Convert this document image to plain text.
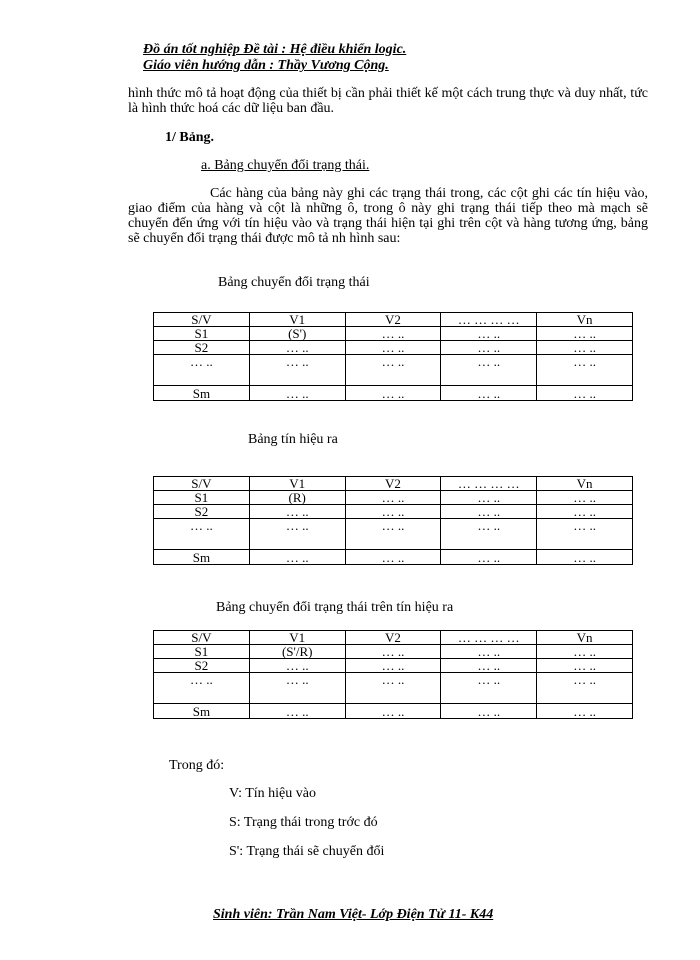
Đồ án tốt nghiệp Đề tài : Hệ điều khiển logic.
Giáo viên hướng dẫn : Thầy Vương Cộng.
hình thức mô tả hoạt động của thiết bị cần phải thiết kế một cách trung thực và duy nhất, tức là hình thức hoá các dữ liệu ban đầu.
1/ Bảng.
a. Bảng chuyển đổi trạng thái.
Các hàng của bảng này ghi các trạng thái trong, các cột ghi các tín hiệu vào, giao điểm của hàng và cột là những ô, trong ô này ghi trạng thái tiếp theo mà mạch sẽ chuyển đến ứng với tín hiệu vào và trạng thái hiện tại ghi trên cột và hàng tương ứng, bảng sẽ chuyển đổi trạng thái được mô tả nh hình sau:
Bảng chuyển đổi trạng thái
S/V	V1	V2	… … … …	Vn
S1	(S')	… ..	… ..	… ..
S2	… ..	… ..	… ..	… ..
… ..	… ..	… ..	… ..	… ..
Sm	… ..	… ..	… ..	… ..
Bảng tín hiệu ra
S/V	V1	V2	… … … …	Vn
S1	(R)	… ..	… ..	… ..
S2	… ..	… ..	… ..	… ..
… ..	… ..	… ..	… ..	… ..
Sm	… ..	… ..	… ..	… ..
Bảng chuyển đổi trạng thái trên tín hiệu ra
S/V	V1	V2	… … … …	Vn
S1	(S'/R)	… ..	… ..	… ..
S2	… ..	… ..	… ..	… ..
… ..	… ..	… ..	… ..	… ..
Sm	… ..	… ..	… ..	… ..
Trong đó:
V: Tín hiệu vào
S: Trạng thái trong trớc đó
S': Trạng thái sẽ chuyển đổi
Sinh viên: Trần Nam Việt- Lớp Điện Tử 11- K44
